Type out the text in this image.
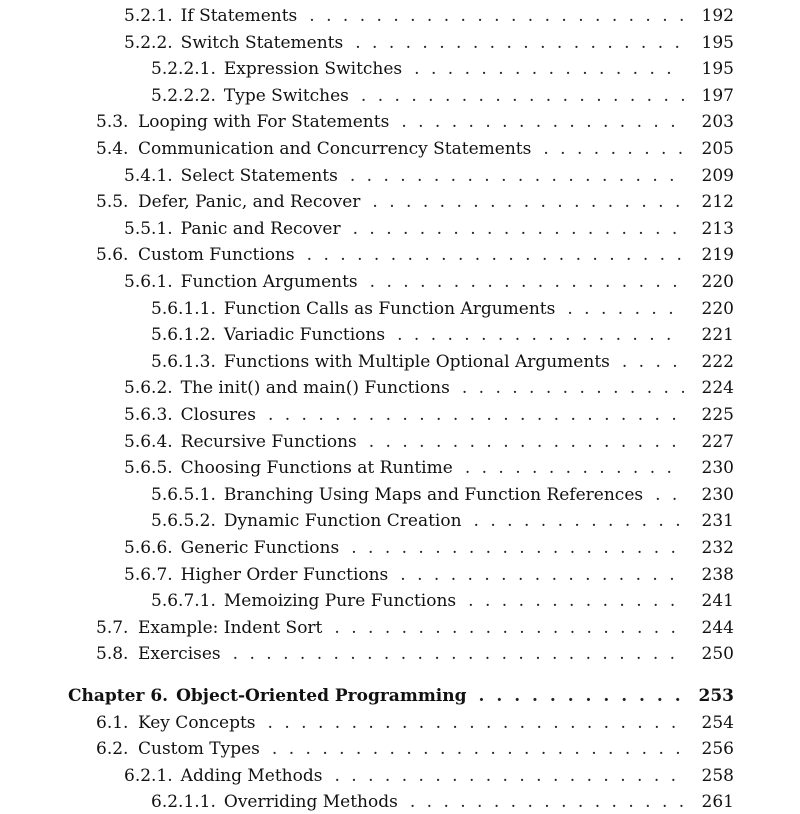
5.2.1. If Statements . . .	192
5.2.2. Switch Statements . . .	195
5.2.2.1. Expression Switches . . .	195
5.2.2.2. Type Switches . . .	197
5.3. Looping with For Statements . . .	203
5.4. Communication and Concurrency Statements . . .	205
5.4.1. Select Statements . . .	209
5.5. Defer, Panic, and Recover . . .	212
5.5.1. Panic and Recover . . .	213
5.6. Custom Functions . . .	219
5.6.1. Function Arguments . . .	220
5.6.1.1. Function Calls as Function Arguments . . .	220
5.6.1.2. Variadic Functions . . .	221
5.6.1.3. Functions with Multiple Optional Arguments . . .	222
5.6.2. The init() and main() Functions . . .	224
5.6.3. Closures . . .	225
5.6.4. Recursive Functions . . .	227
5.6.5. Choosing Functions at Runtime . . .	230
5.6.5.1. Branching Using Maps and Function References . . .	230
5.6.5.2. Dynamic Function Creation . . .	231
5.6.6. Generic Functions . . .	232
5.6.7. Higher Order Functions . . .	238
5.6.7.1. Memoizing Pure Functions . . .	241
5.7. Example: Indent Sort . . .	244
5.8. Exercises . . .	250
Chapter 6. Object-Oriented Programming . . .	253
6.1. Key Concepts . . .	254
6.2. Custom Types . . .	256
6.2.1. Adding Methods . . .	258
6.2.1.1. Overriding Methods . . .	261
